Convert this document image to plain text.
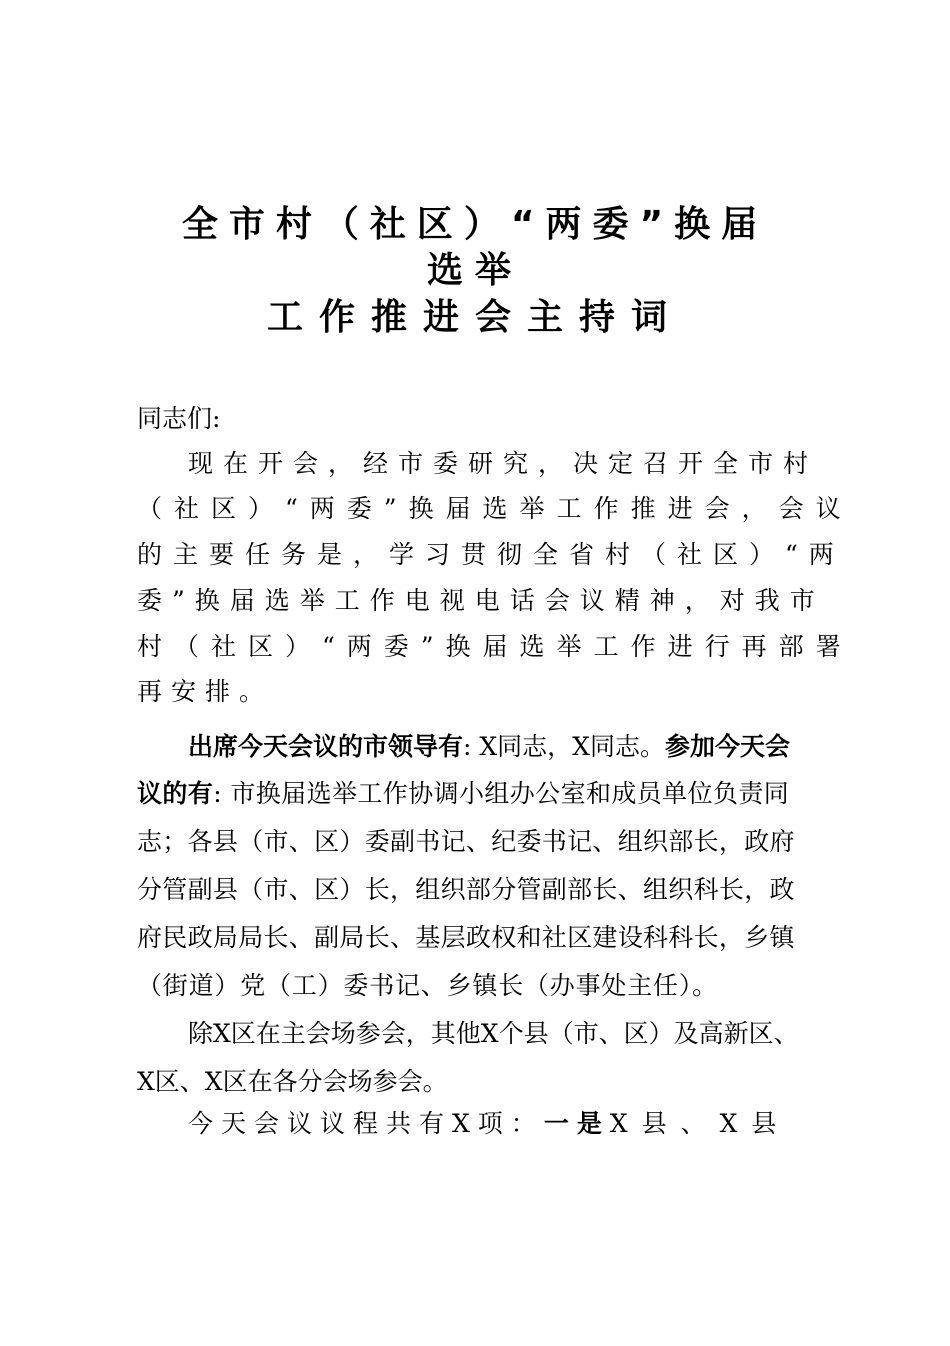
全市村（社区）“两委”换届
选举
工作推进会主持词
同志们:
现在开会，经市委研究，决定召开全市村
（社区）“两委”换届选举工作推进会，会议
的主要任务是，学习贯彻全省村（社区）“两
委”换届选举工作电视电话会议精神，对我市
村（社区）“两委”换届选举工作进行再部署
再安排。
出席今天会议的市领导有: X同志，X同志。参加今天会
议的有: 市换届选举工作协调小组办公室和成员单位负责同
志；各县（市、区）委副书记、纪委书记、组织部长，政府
分管副县（市、区）长，组织部分管副部长、组织科长，政
府民政局局长、副局长、基层政权和社区建设科科长，乡镇
（街道）党（工）委书记、乡镇长（办事处主任）。
除X区在主会场参会，其他X个县（市、区）及高新区、
X区、X区在各分会场参会。
今天会议议程共有X项：一是X县、X县
